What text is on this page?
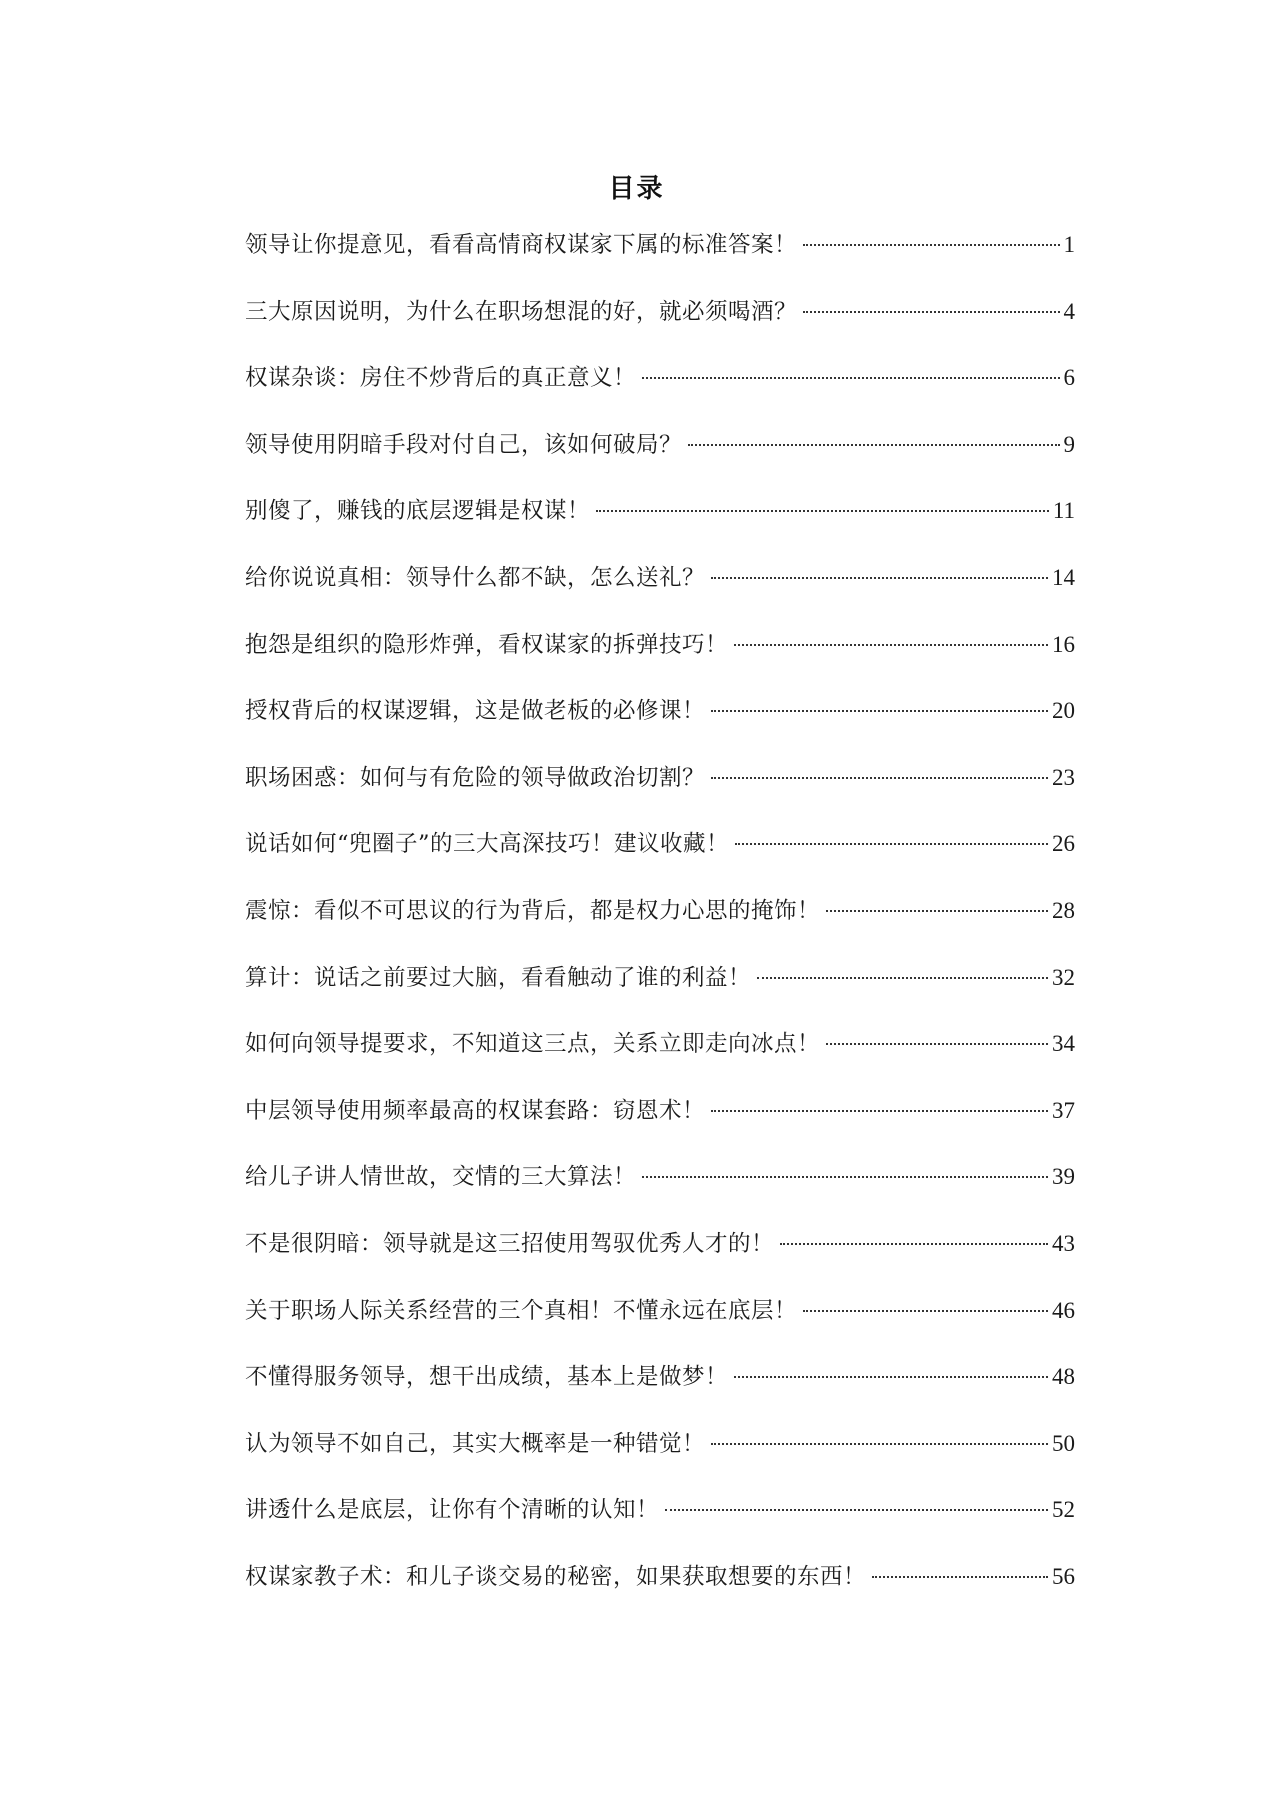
目录
领导让你提意见，看看高情商权谋家下属的标准答案！	1
三大原因说明，为什么在职场想混的好，就必须喝酒？	4
权谋杂谈：房住不炒背后的真正意义！	6
领导使用阴暗手段对付自己，该如何破局？	9
别傻了，赚钱的底层逻辑是权谋！	11
给你说说真相：领导什么都不缺，怎么送礼？	14
抱怨是组织的隐形炸弹，看权谋家的拆弹技巧！	16
授权背后的权谋逻辑，这是做老板的必修课！	20
职场困惑：如何与有危险的领导做政治切割？	23
说话如何“兜圈子”的三大高深技巧！建议收藏！	26
震惊：看似不可思议的行为背后，都是权力心思的掩饰！	28
算计：说话之前要过大脑，看看触动了谁的利益！	32
如何向领导提要求，不知道这三点，关系立即走向冰点！	34
中层领导使用频率最高的权谋套路：窃恩术！	37
给儿子讲人情世故，交情的三大算法！	39
不是很阴暗：领导就是这三招使用驾驭优秀人才的！	43
关于职场人际关系经营的三个真相！不懂永远在底层！	46
不懂得服务领导，想干出成绩，基本上是做梦！	48
认为领导不如自己，其实大概率是一种错觉！	50
讲透什么是底层，让你有个清晰的认知！	52
权谋家教子术：和儿子谈交易的秘密，如果获取想要的东西！	56
